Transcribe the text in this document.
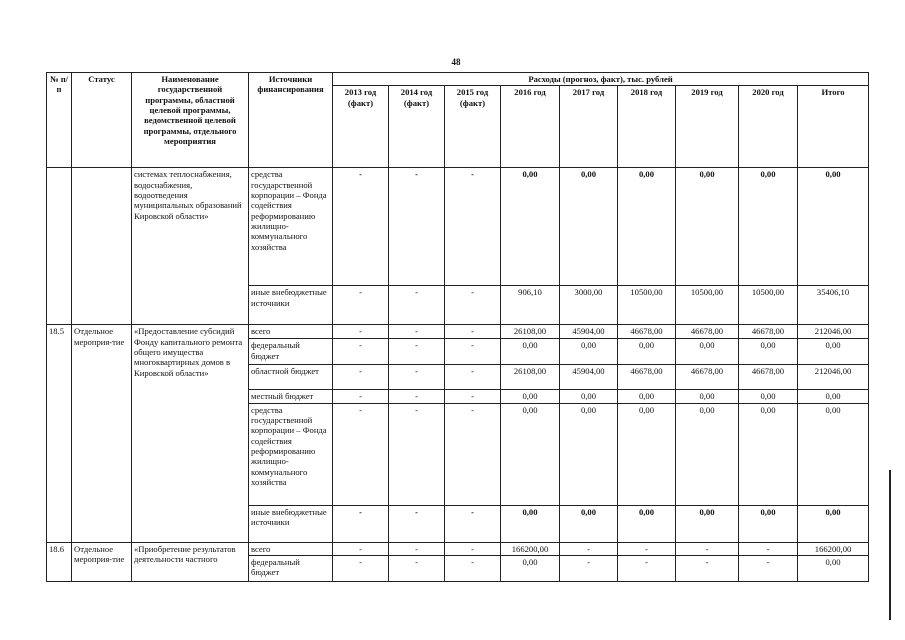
48
№ п/п	Статус	Наименование государственной программы, областной целевой программы, ведомственной целевой программы, отдельного мероприятия	Источники финансирования	Расходы (прогноз, факт), тыс. рублей								
				2013 год (факт)	2014 год (факт)	2015 год (факт)	2016 год	2017 год	2018 год	2019 год	2020 год	Итого
		системах теплоснабжения, водоснабжения, водоотведения муниципальных образований Кировской области»	средства государственной корпорации – Фонда содействия реформированию жилищно-коммунального хозяйства	-	-	-	0,00	0,00	0,00	0,00	0,00	0,00
			иные внебюджетные источники	-	-	-	906,10	3000,00	10500,00	10500,00	10500,00	35406,10
18.5	Отдельное мероприя-тие	«Предоставление субсидий Фонду капитального ремонта общего имущества многоквартирных домов в Кировской области»	всего	-	-	-	26108,00	45904,00	46678,00	46678,00	46678,00	212046,00
			федеральный бюджет	-	-	-	0,00	0,00	0,00	0,00	0,00	0,00
			областной бюджет	-	-	-	26108,00	45904,00	46678,00	46678,00	46678,00	212046,00
			местный бюджет	-	-	-	0,00	0,00	0,00	0,00	0,00	0,00
			средства государственной корпорации – Фонда содействия реформированию жилищно-коммунального хозяйства	-	-	-	0,00	0,00	0,00	0,00	0,00	0,00
			иные внебюджетные источники	-	-	-	0,00	0,00	0,00	0,00	0,00	0,00
18.6	Отдельное мероприя-тие	«Приобретение результатов деятельности частного	всего	-	-	-	166200,00	-	-	-	-	166200,00
			федеральный бюджет	-	-	-	0,00	-	-	-	-	0,00
